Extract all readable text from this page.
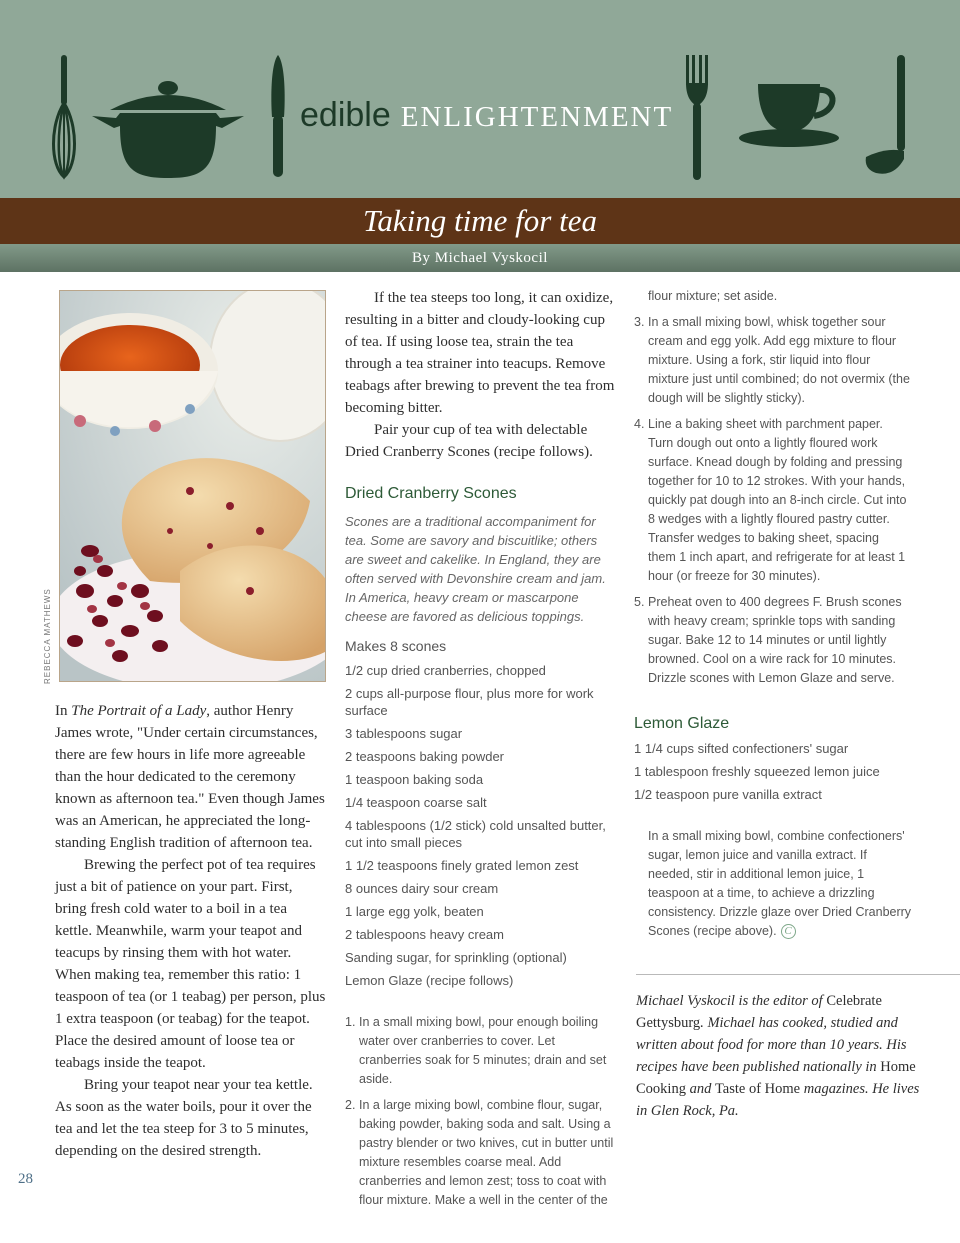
edible ENLIGHTENMENT
Taking time for tea

By Michael Vyskocil

REBECCA MATHEWS

In The Portrait of a Lady, author Henry James wrote, "Under certain circumstances, there are few hours in life more agreeable than the hour dedicated to the ceremony known as afternoon tea." Even though James was an American, he appreciated the long-standing English tradition of afternoon tea.

Brewing the perfect pot of tea requires just a bit of patience on your part. First, bring fresh cold water to a boil in a tea kettle. Meanwhile, warm your teapot and teacups by rinsing them with hot water. When making tea, remember this ratio: 1 teaspoon of tea (or 1 teabag) per person, plus 1 extra teaspoon (or teabag) for the teapot. Place the desired amount of loose tea or teabags inside the teapot.

Bring your teapot near your tea kettle. As soon as the water boils, pour it over the tea and let the tea steep for 3 to 5 minutes, depending on the desired strength.

If the tea steeps too long, it can oxidize, resulting in a bitter and cloudy-looking cup of tea. If using loose tea, strain the tea through a tea strainer into teacups. Remove teabags after brewing to prevent the tea from becoming bitter.

Pair your cup of tea with delectable Dried Cranberry Scones (recipe follows).

Dried Cranberry Scones
Scones are a traditional accompaniment for tea. Some are savory and biscuitlike; others are sweet and cakelike. In England, they are often served with Devonshire cream and jam. In America, heavy cream or mascarpone cheese are favored as delicious toppings.
Makes 8 scones
1/2 cup dried cranberries, chopped
2 cups all-purpose flour, plus more for work surface
3 tablespoons sugar
2 teaspoons baking powder
1 teaspoon baking soda
1/4 teaspoon coarse salt
4 tablespoons (1/2 stick) cold unsalted butter, cut into small pieces
1 1/2 teaspoons finely grated lemon zest
8 ounces dairy sour cream
1 large egg yolk, beaten
2 tablespoons heavy cream
Sanding sugar, for sprinkling (optional)
Lemon Glaze (recipe follows)
1. In a small mixing bowl, pour enough boiling water over cranberries to cover. Let cranberries soak for 5 minutes; drain and set aside.
2. In a large mixing bowl, combine flour, sugar, baking powder, baking soda and salt. Using a pastry blender or two knives, cut in butter until mixture resembles coarse meal. Add cranberries and lemon zest; toss to coat with flour mixture. Make a well in the center of the
flour mixture; set aside.
3. In a small mixing bowl, whisk together sour cream and egg yolk. Add egg mixture to flour mixture. Using a fork, stir liquid into flour mixture just until combined; do not overmix (the dough will be slightly sticky).
4. Line a baking sheet with parchment paper. Turn dough out onto a lightly floured work surface. Knead dough by folding and pressing together for 10 to 12 strokes. With your hands, quickly pat dough into an 8-inch circle. Cut into 8 wedges with a lightly floured pastry cutter. Transfer wedges to baking sheet, spacing them 1 inch apart, and refrigerate for at least 1 hour (or freeze for 30 minutes).
5. Preheat oven to 400 degrees F. Brush scones with heavy cream; sprinkle tops with sanding sugar. Bake 12 to 14 minutes or until lightly browned. Cool on a wire rack for 10 minutes. Drizzle scones with Lemon Glaze and serve.
Lemon Glaze
1 1/4 cups sifted confectioners' sugar
1 tablespoon freshly squeezed lemon juice
1/2 teaspoon pure vanilla extract

In a small mixing bowl, combine confectioners' sugar, lemon juice and vanilla extract. If needed, stir in additional lemon juice, 1 teaspoon at a time, to achieve a drizzling consistency. Drizzle glaze over Dried Cranberry Scones (recipe above). C

Michael Vyskocil is the editor of Celebrate Gettysburg. Michael has cooked, studied and written about food for more than 10 years. His recipes have been published nationally in Home Cooking and Taste of Home magazines. He lives in Glen Rock, Pa.

28
